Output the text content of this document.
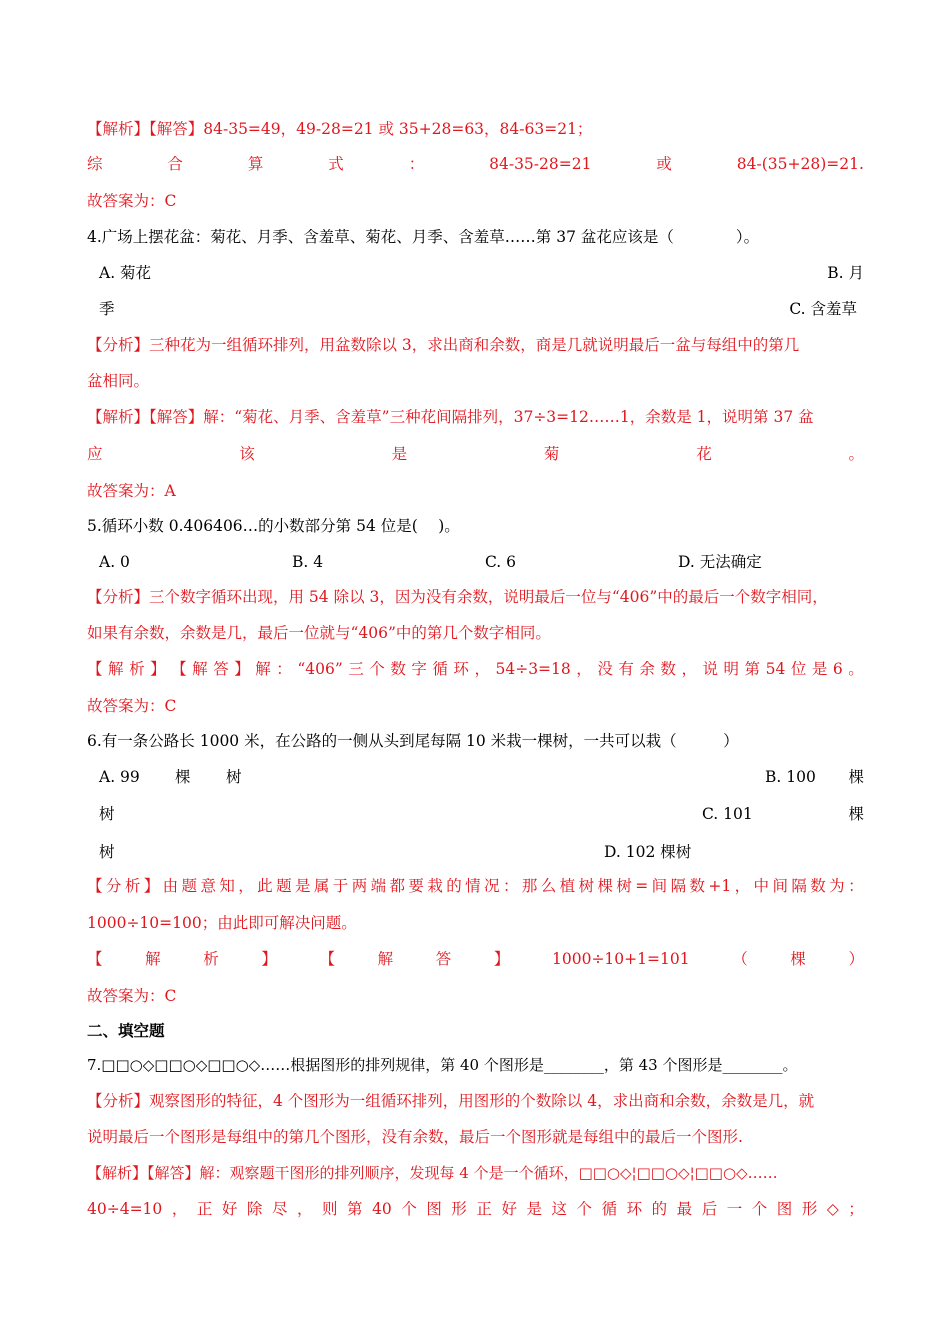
【解析】【解答】84-35=49，49-28=21 或 35+28=63，84-63=21；
综	合	算	式	：	84-35-28=21	或	84-(35+28)=21.
故答案为：C
4.广场上摆花盆：菊花、月季、含羞草、菊花、月季、含羞草……第 37 盆花应该是（　　　　）。
A. 菊花	B. 月
季	C. 含羞草
【分析】三种花为一组循环排列，用盆数除以 3，求出商和余数，商是几就说明最后一盆与每组中的第几
盆相同。
【解析】【解答】解：“菊花、月季、含羞草”三种花间隔排列，37÷3=12……1，余数是 1，说明第 37 盆
应	该	是	菊	花	。
故答案为：A
5.循环小数 0.406406…的小数部分第 54 位是(　 )。
A. 0	B. 4	C. 6	D. 无法确定
【分析】三个数字循环出现，用 54 除以 3，因为没有余数，说明最后一位与“406”中的最后一个数字相同，
如果有余数，余数是几，最后一位就与“406”中的第几个数字相同。
【 解 析 】 【 解 答 】 解 ： “406” 三 个 数 字 循 环 ， 54÷3=18 ， 没 有 余 数 ， 说 明 第 54 位 是 6 。
故答案为：C
6.有一条公路长 1000 米，在公路的一侧从头到尾每隔 10 米栽一棵树，一共可以栽（　　　）
A. 99 棵 树	B. 100 棵
树	C. 101	棵
树	D. 102 棵树
【 分 析 】 由 题 意 知 ， 此 题 是 属 于 两 端 都 要 栽 的 情 况 ： 那 么 植 树 棵 树 = 间 隔 数 +1 ， 中 间 隔 数 为 ：
1000÷10=100；由此即可解决问题。
【	解	析	】	【	解	答	】	1000÷10+1=101	（	棵	）
故答案为：C
二、填空题
7.□□○◇□□○◇□□○◇……根据图形的排列规律，第 40 个图形是________，第 43 个图形是________。
【分析】观察图形的特征，4 个图形为一组循环排列，用图形的个数除以 4，求出商和余数，余数是几，就
说明最后一个图形是每组中的第几个图形，没有余数，最后一个图形就是每组中的最后一个图形.
【解析】【解答】解：观察题干图形的排列顺序，发现每 4 个是一个循环，□□○◇¦□□○◇¦□□○◇……
40÷4=10 ， 正 好 除 尽 ， 则 第 40 个 图 形 正 好 是 这 个 循 环 的 最 后 一 个 图 形 ◇ ；
